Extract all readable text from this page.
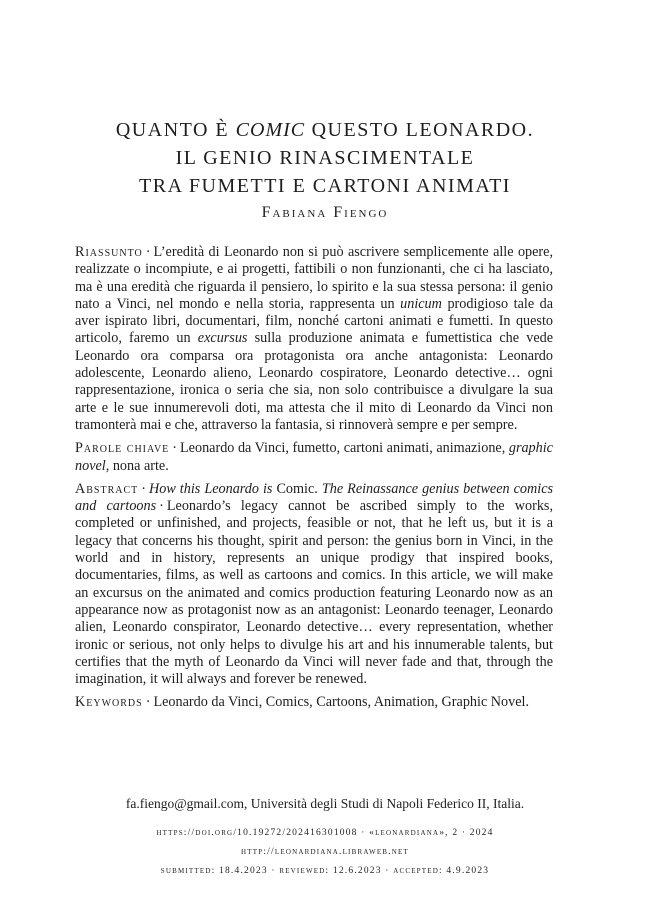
QUANTO È COMIC QUESTO LEONARDO.
IL GENIO RINASCIMENTALE
TRA FUMETTI E CARTONI ANIMATI
Fabiana Fiengo

Riassunto · L’eredità di Leonardo non si può ascrivere semplicemente alle opere, realizzate o incompiute, e ai progetti, fattibili o non funzionanti, che ci ha lasciato, ma è una eredità che riguarda il pensiero, lo spirito e la sua stessa persona: il genio nato a Vinci, nel mondo e nella storia, rappresenta un unicum prodigioso tale da aver ispirato libri, documentari, film, nonché cartoni animati e fumetti. In questo articolo, faremo un excursus sulla produzione animata e fumettistica che vede Leonardo ora comparsa ora protagonista ora anche antagonista: Leonardo adolescente, Leonardo alieno, Leonardo cospiratore, Leonardo detective… ogni rappresentazione, ironica o seria che sia, non solo contribuisce a divulgare la sua arte e le sue innumerevoli doti, ma attesta che il mito di Leonardo da Vinci non tramonterà mai e che, attraverso la fantasia, si rinnoverà sempre e per sempre.

Parole chiave · Leonardo da Vinci, fumetto, cartoni animati, animazione, graphic novel, nona arte.

Abstract · How this Leonardo is Comic. The Reinassance genius between comics and cartoons · Leonardo’s legacy cannot be ascribed simply to the works, completed or unfinished, and projects, feasible or not, that he left us, but it is a legacy that concerns his thought, spirit and person: the genius born in Vinci, in the world and in history, represents an unique prodigy that inspired books, documentaries, films, as well as cartoons and comics. In this article, we will make an excursus on the animated and comics production featuring Leonardo now as an appearance now as protagonist now as an antagonist: Leonardo teenager, Leonardo alien, Leonardo conspirator, Leonardo detective… every representation, whether ironic or serious, not only helps to divulge his art and his innumerable talents, but certifies that the myth of Leonardo da Vinci will never fade and that, through the imagination, it will always and forever be renewed.

Keywords · Leonardo da Vinci, Comics, Cartoons, Animation, Graphic Novel.

fa.fiengo@gmail.com, Università degli Studi di Napoli Federico II, Italia.
https://doi.org/10.19272/202416301008 · «leonardiana», 2 · 2024
http://leonardiana.libraweb.net
submitted: 18.4.2023 · reviewed: 12.6.2023 · accepted: 4.9.2023
